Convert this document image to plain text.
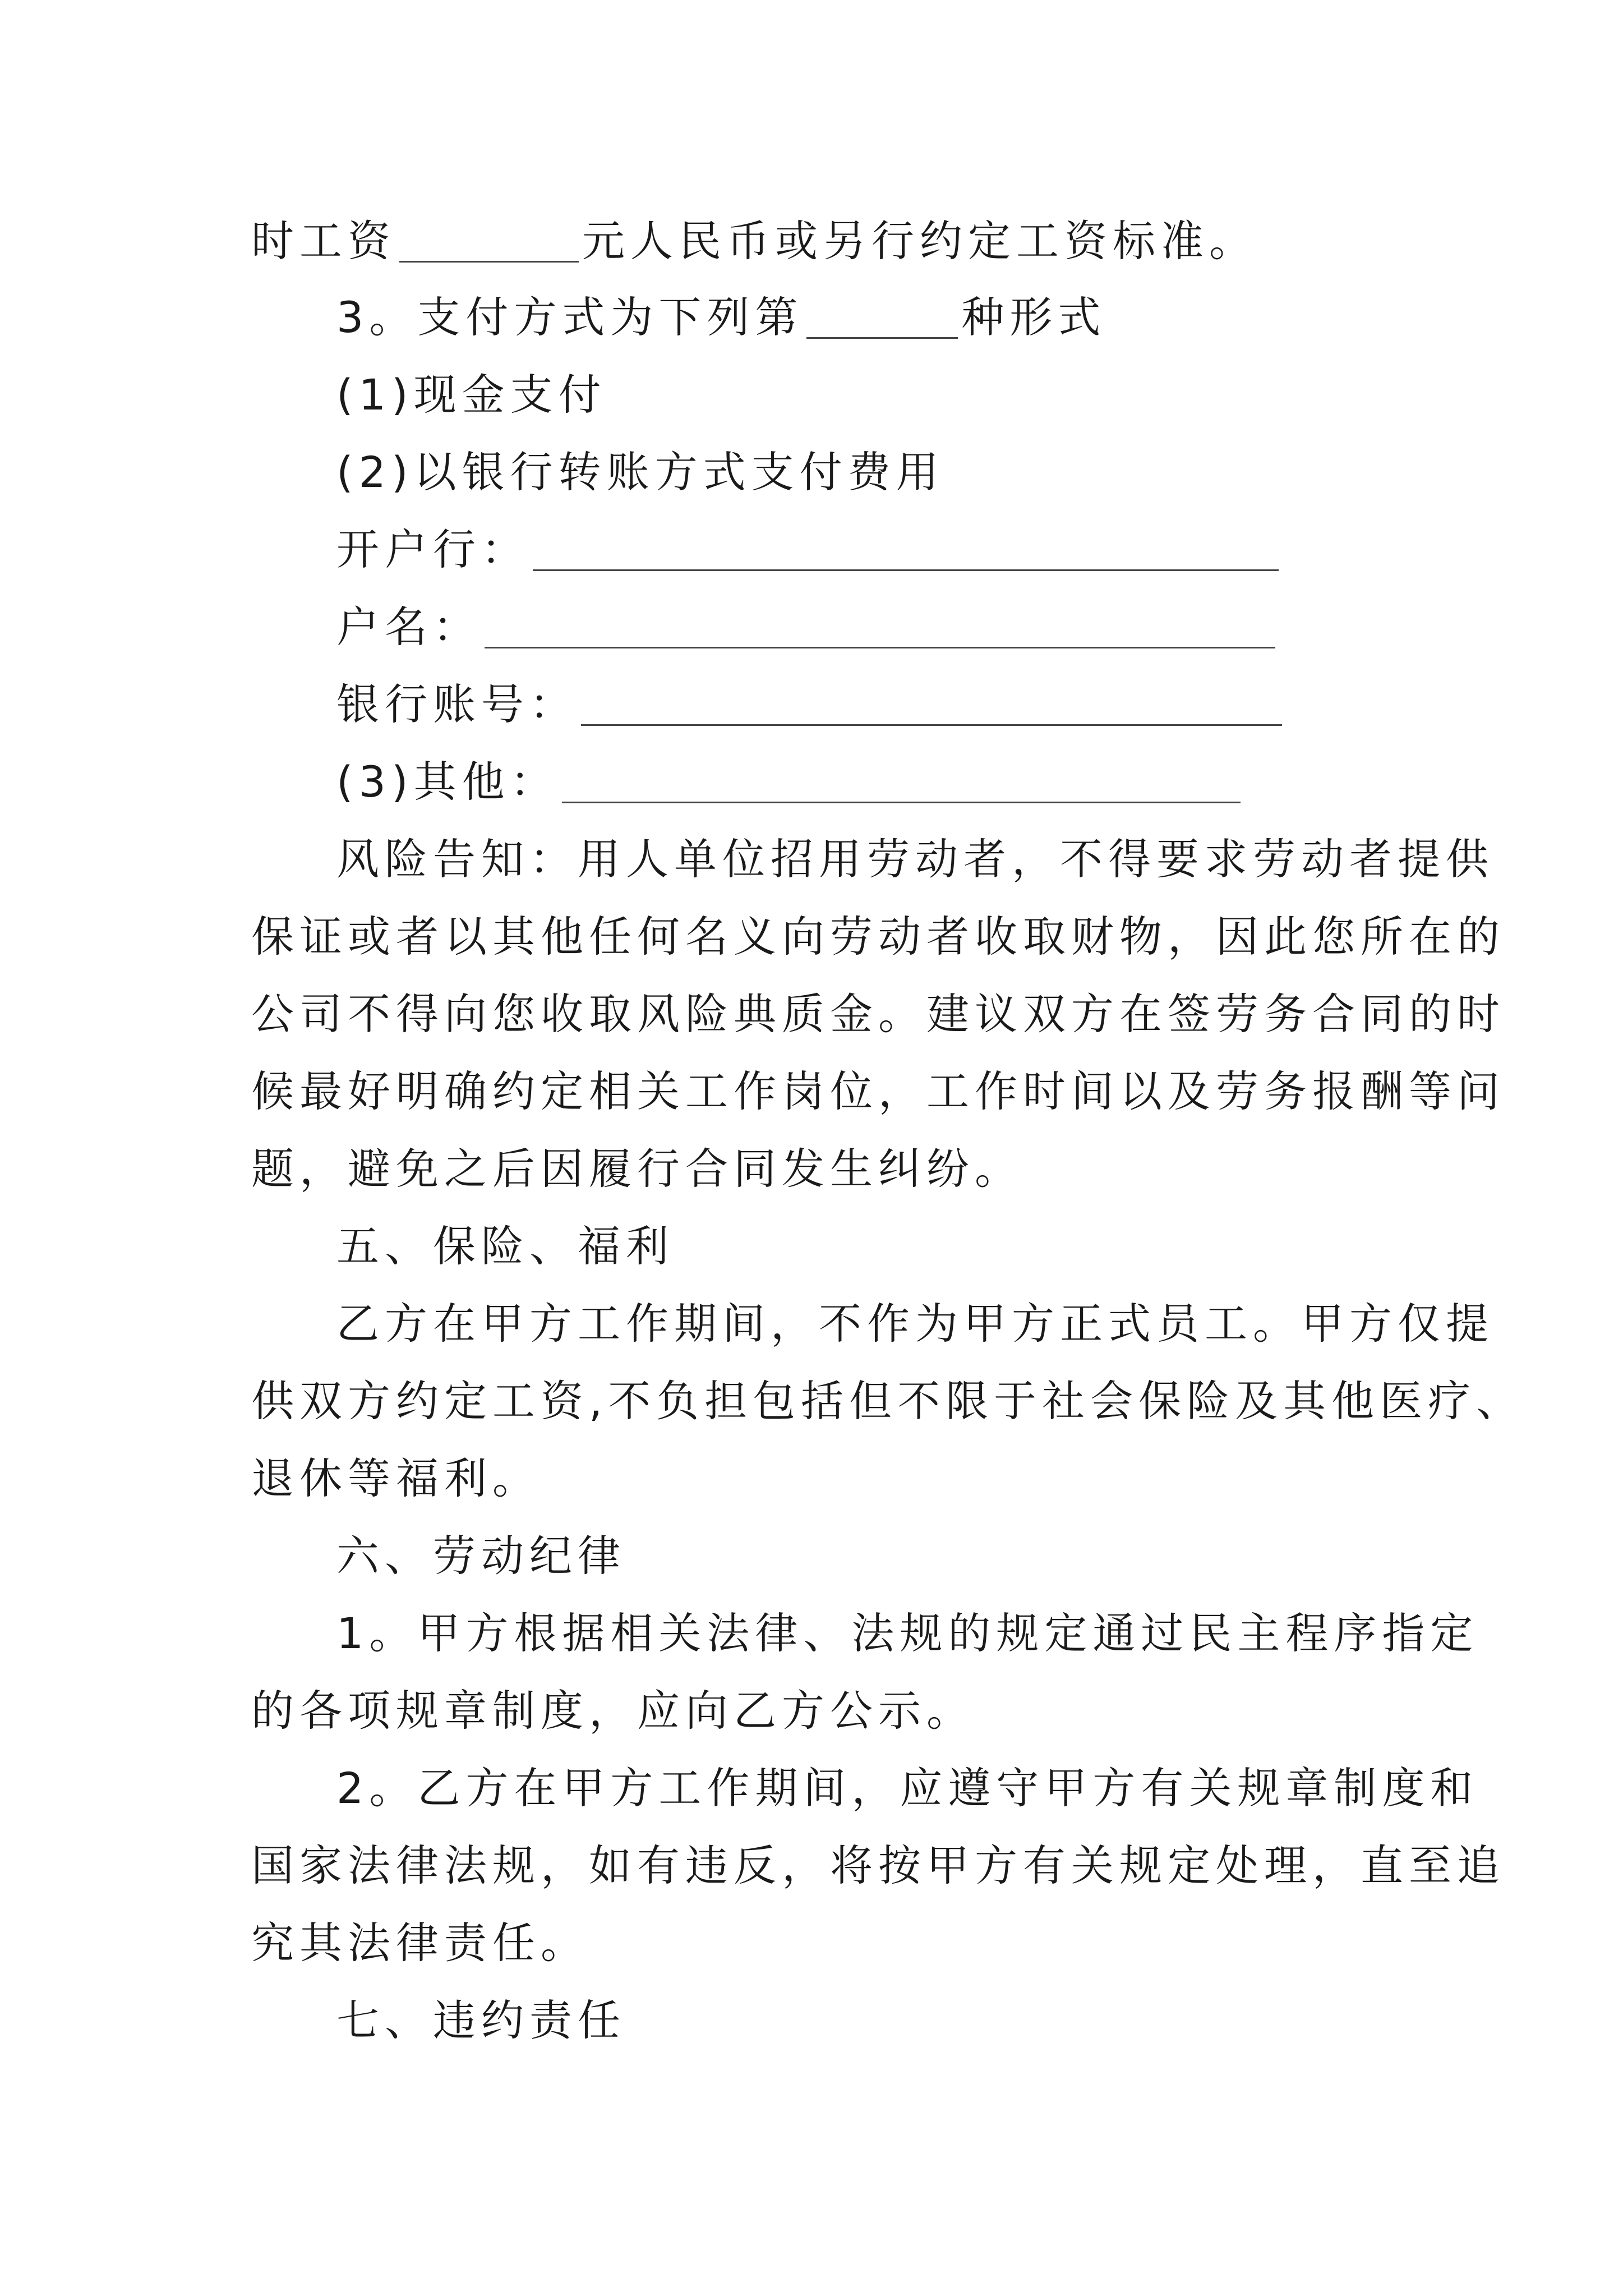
时工资	元人民币或另行约定工资标准。
3。支付方式为下列第	种形式
(1)现金支付
(2)以银行转账方式支付费用
开户行：
户名：
银行账号：
(3)其他：
风险告知：用人单位招用劳动者，不得要求劳动者提供
保证或者以其他任何名义向劳动者收取财物，因此您所在的
公司不得向您收取风险典质金。建议双方在签劳务合同的时
候最好明确约定相关工作岗位，工作时间以及劳务报酬等问
题，避免之后因履行合同发生纠纷。
五、保险、福利
乙方在甲方工作期间，不作为甲方正式员工。甲方仅提
供双方约定工资,不负担包括但不限于社会保险及其他医疗、
退休等福利。
六、劳动纪律
1。甲方根据相关法律、法规的规定通过民主程序指定
的各项规章制度，应向乙方公示。
2。乙方在甲方工作期间，应遵守甲方有关规章制度和
国家法律法规，如有违反，将按甲方有关规定处理，直至追
究其法律责任。
七、违约责任
